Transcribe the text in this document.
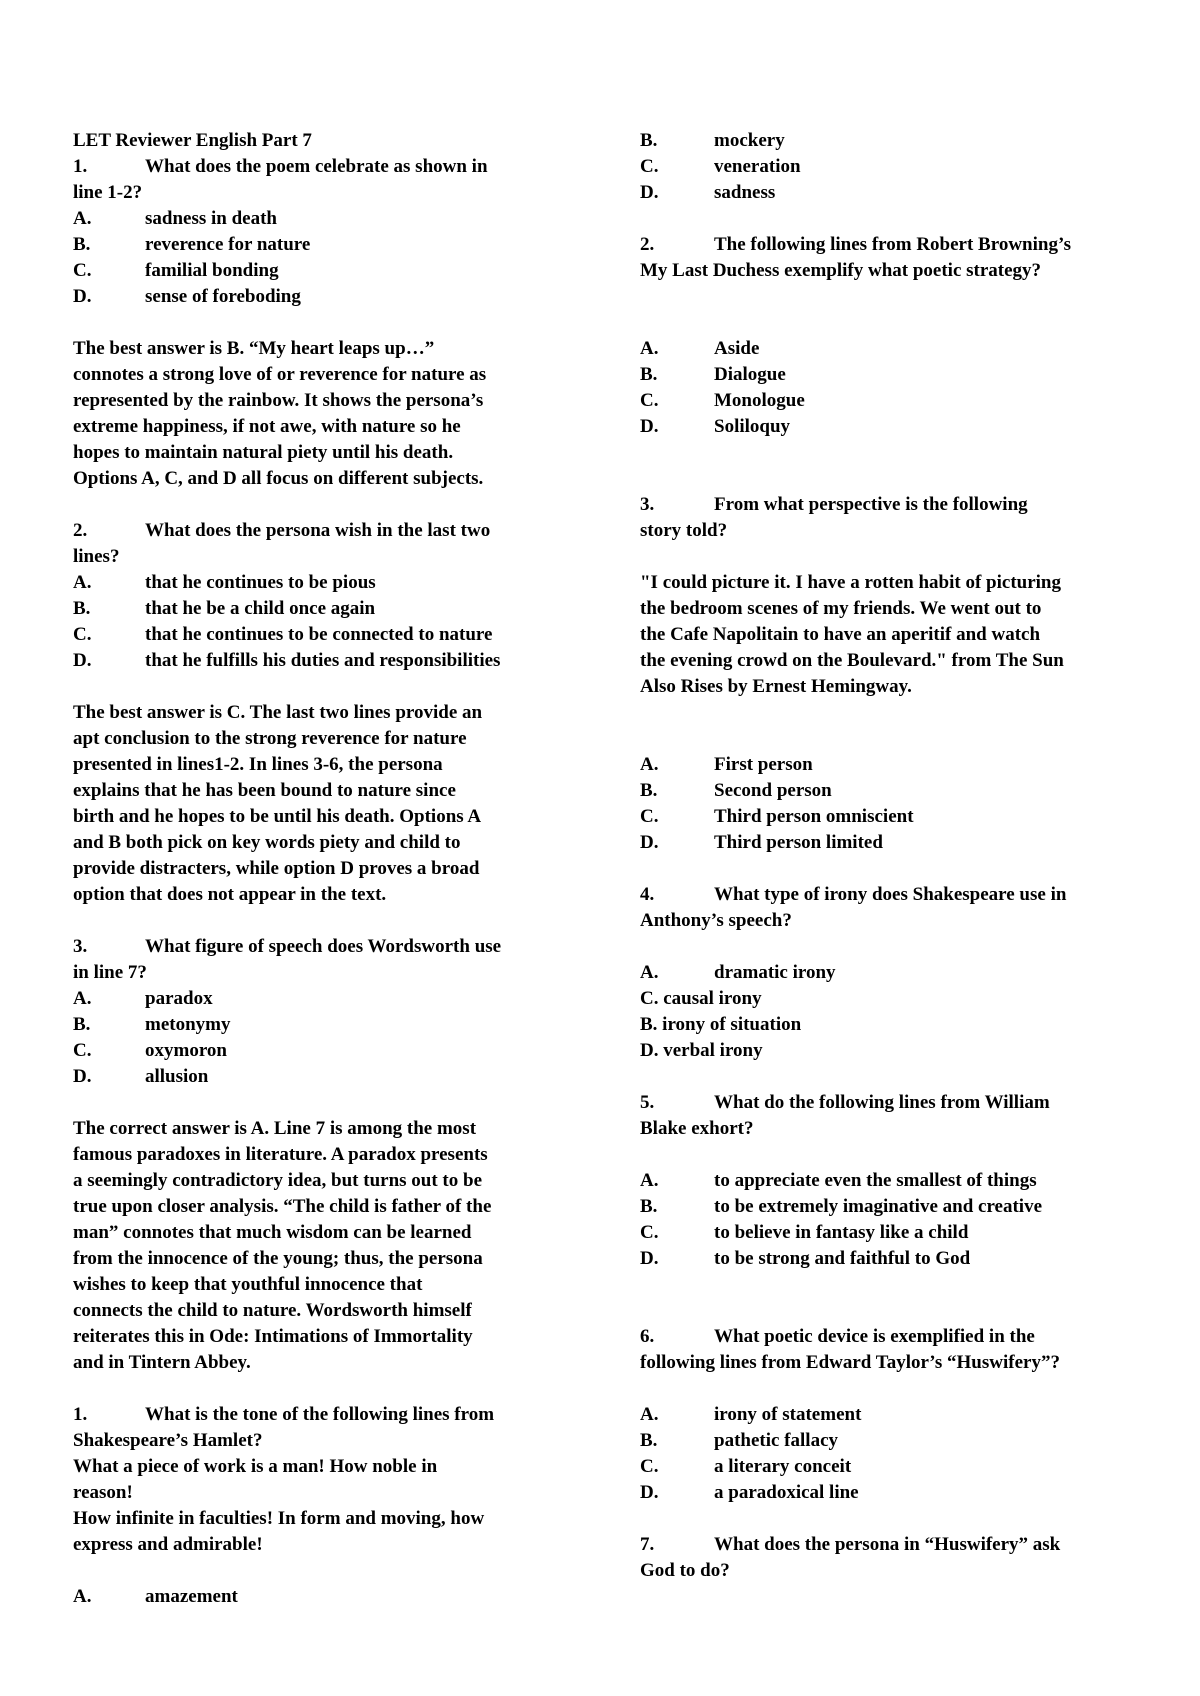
LET Reviewer English Part 7

1.	What does the poem celebrate as shown in

line 1-2?

A.	sadness in death
B.	reverence for nature
C.	familial bonding
D.	sense of foreboding

The best answer is B. “My heart leaps up…”

connotes a strong love of or reverence for nature as

represented by the rainbow. It shows the persona’s

extreme happiness, if not awe, with nature so he

hopes to maintain natural piety until his death.

Options A, C, and D all focus on different subjects.

2.	What does the persona wish in the last two

lines?

A.	that he continues to be pious
B.	that he be a child once again
C.	that he continues to be connected to nature
D.	that he fulfills his duties and responsibilities

The best answer is C. The last two lines provide an

apt conclusion to the strong reverence for nature

presented in lines1-2. In lines 3-6, the persona

explains that he has been bound to nature since

birth and he hopes to be until his death. Options A

and B both pick on key words piety and child to

provide distracters, while option D proves a broad

option that does not appear in the text.

3.	What figure of speech does Wordsworth use

in line 7?

A.	paradox
B.	metonymy
C.	oxymoron
D.	allusion

The correct answer is A. Line 7 is among the most

famous paradoxes in literature. A paradox presents

a seemingly contradictory idea, but turns out to be

true upon closer analysis. “The child is father of the

man” connotes that much wisdom can be learned

from the innocence of the young; thus, the persona

wishes to keep that youthful innocence that

connects the child to nature. Wordsworth himself

reiterates this in Ode: Intimations of Immortality

and in Tintern Abbey.

1.	What is the tone of the following lines from

Shakespeare’s Hamlet?

What a piece of work is a man! How noble in

reason!

How infinite in faculties! In form and moving, how

express and admirable!

A.	amazement
B.	mockery
C.	veneration
D.	sadness

2.	The following lines from Robert Browning’s

My Last Duchess exemplify what poetic strategy?

A.	Aside
B.	Dialogue
C.	Monologue
D.	Soliloquy

3.	From what perspective is the following

story told?

"I could picture it. I have a rotten habit of picturing

the bedroom scenes of my friends. We went out to

the Cafe Napolitain to have an aperitif and watch

the evening crowd on the Boulevard." from The Sun

Also Rises by Ernest Hemingway.

A.	First person
B.	Second person
C.	Third person omniscient
D.	Third person limited

4.	What type of irony does Shakespeare use in

Anthony’s speech?

A.	dramatic irony

C. causal irony

B. irony of situation

D. verbal irony

5.	What do the following lines from William

Blake exhort?

A.	to appreciate even the smallest of things
B.	to be extremely imaginative and creative
C.	to believe in fantasy like a child
D.	to be strong and faithful to God

6.	What poetic device is exemplified in the

following lines from Edward Taylor’s “Huswifery”?

A.	irony of statement
B.	pathetic fallacy
C.	a literary conceit
D.	a paradoxical line

7.	What does the persona in “Huswifery” ask

God to do?
